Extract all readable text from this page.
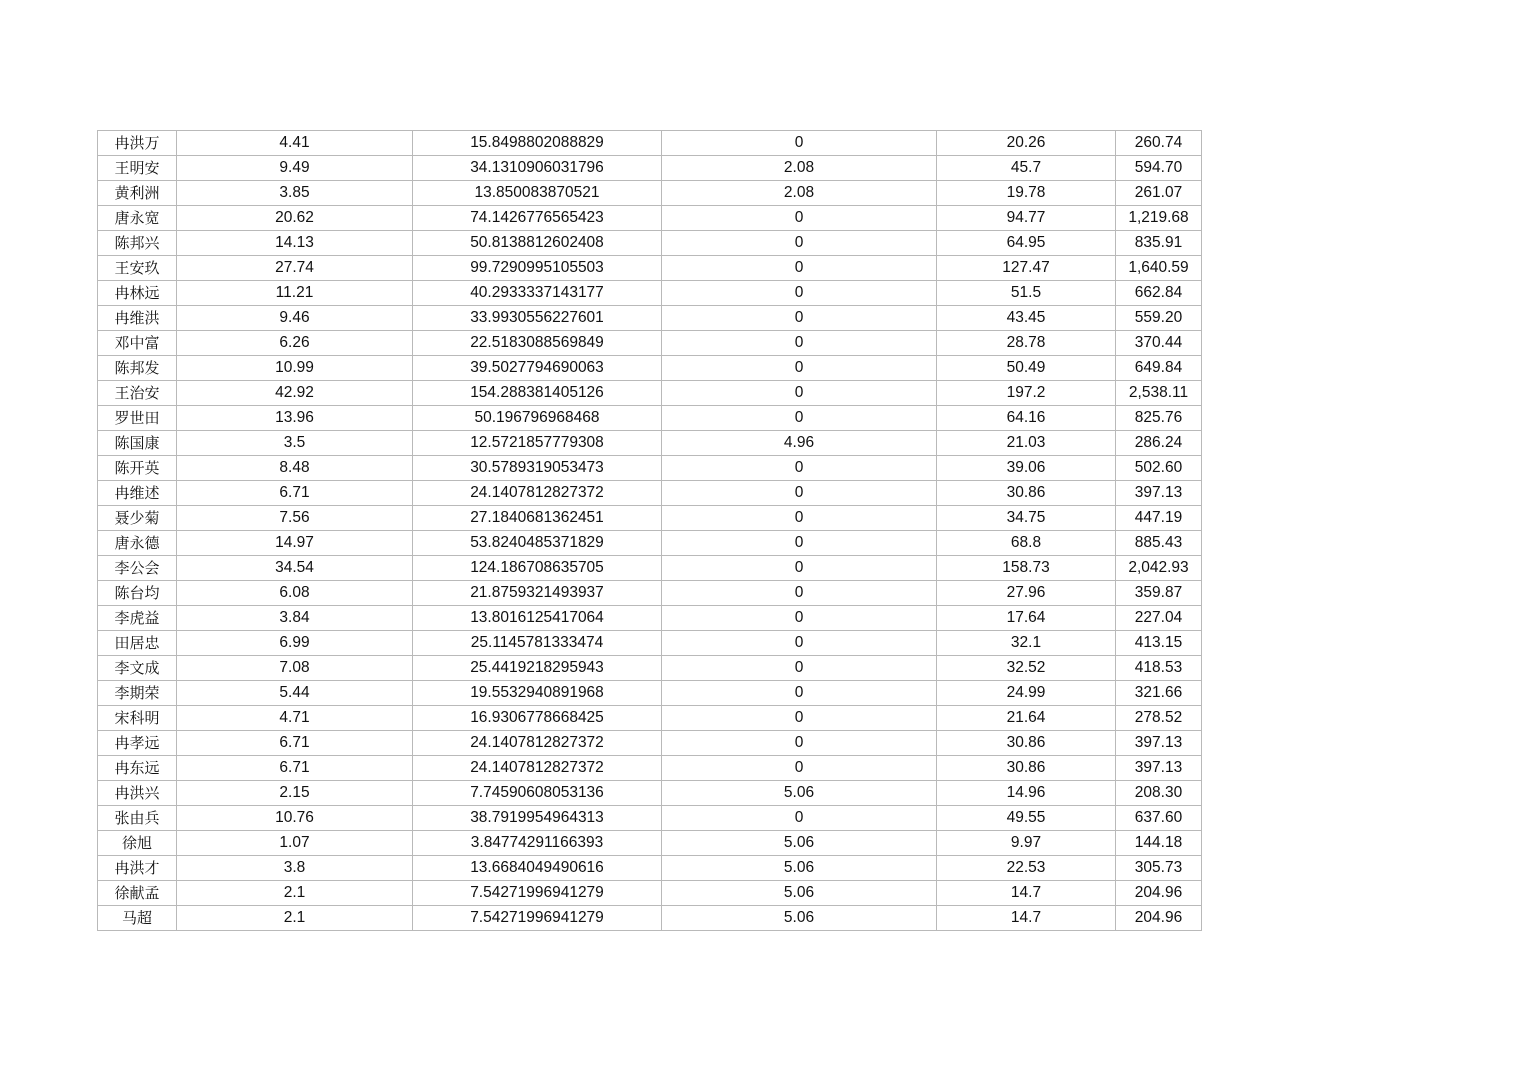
冉洪万	4.41	15.8498802088829	0	20.26	260.74
王明安	9.49	34.1310906031796	2.08	45.7	594.70
黄利洲	3.85	13.850083870521	2.08	19.78	261.07
唐永宽	20.62	74.1426776565423	0	94.77	1,219.68
陈邦兴	14.13	50.8138812602408	0	64.95	835.91
王安玖	27.74	99.7290995105503	0	127.47	1,640.59
冉林远	11.21	40.2933337143177	0	51.5	662.84
冉维洪	9.46	33.9930556227601	0	43.45	559.20
邓中富	6.26	22.5183088569849	0	28.78	370.44
陈邦发	10.99	39.5027794690063	0	50.49	649.84
王治安	42.92	154.288381405126	0	197.2	2,538.11
罗世田	13.96	50.196796968468	0	64.16	825.76
陈国康	3.5	12.5721857779308	4.96	21.03	286.24
陈开英	8.48	30.5789319053473	0	39.06	502.60
冉维述	6.71	24.1407812827372	0	30.86	397.13
聂少菊	7.56	27.1840681362451	0	34.75	447.19
唐永德	14.97	53.8240485371829	0	68.8	885.43
李公会	34.54	124.186708635705	0	158.73	2,042.93
陈台均	6.08	21.8759321493937	0	27.96	359.87
李虎益	3.84	13.8016125417064	0	17.64	227.04
田居忠	6.99	25.1145781333474	0	32.1	413.15
李文成	7.08	25.4419218295943	0	32.52	418.53
李期荣	5.44	19.5532940891968	0	24.99	321.66
宋科明	4.71	16.9306778668425	0	21.64	278.52
冉孝远	6.71	24.1407812827372	0	30.86	397.13
冉东远	6.71	24.1407812827372	0	30.86	397.13
冉洪兴	2.15	7.74590608053136	5.06	14.96	208.30
张由兵	10.76	38.7919954964313	0	49.55	637.60
徐旭	1.07	3.84774291166393	5.06	9.97	144.18
冉洪才	3.8	13.6684049490616	5.06	22.53	305.73
徐献孟	2.1	7.54271996941279	5.06	14.7	204.96
马超	2.1	7.54271996941279	5.06	14.7	204.96
